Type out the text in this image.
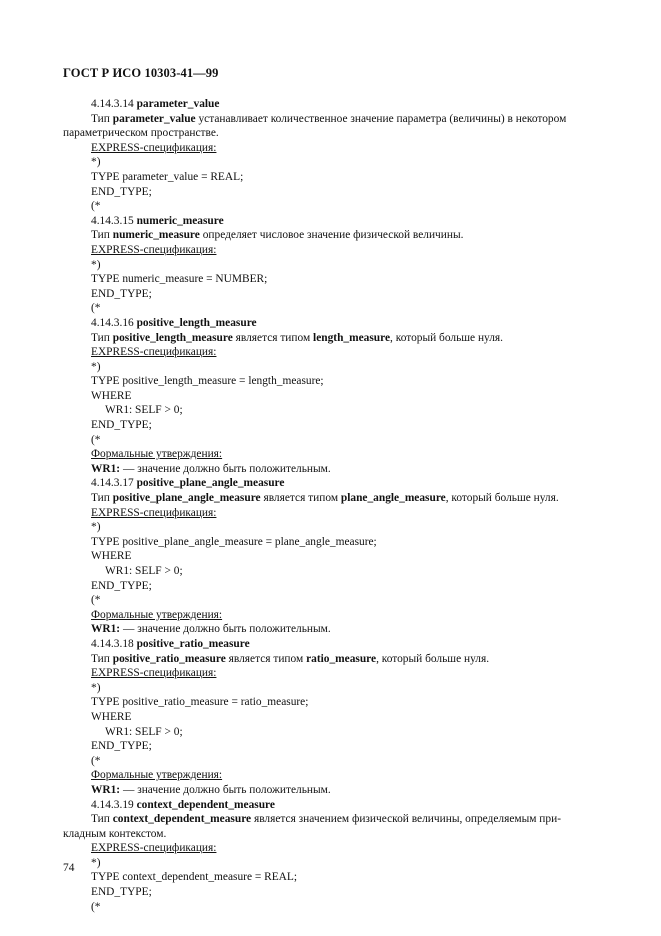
ГОСТ Р ИСО 10303-41—99
4.14.3.14 parameter_value
Тип parameter_value устанавливает количественное значение параметра (величины) в некотором
параметрическом пространстве.
EXPRESS-спецификация:
*)
TYPE parameter_value = REAL;
END_TYPE;
(*
4.14.3.15 numeric_measure
Тип numeric_measure определяет числовое значение физической величины.
EXPRESS-спецификация:
*)
TYPE numeric_measure = NUMBER;
END_TYPE;
(*
4.14.3.16 positive_length_measure
Тип positive_length_measure является типом length_measure, который больше нуля.
EXPRESS-спецификация:
*)
TYPE positive_length_measure = length_measure;
WHERE
WR1: SELF > 0;
END_TYPE;
(*
Формальные утверждения:
WR1: — значение должно быть положительным.
4.14.3.17 positive_plane_angle_measure
Тип positive_plane_angle_measure является типом plane_angle_measure, который больше нуля.
EXPRESS-спецификация:
*)
TYPE positive_plane_angle_measure = plane_angle_measure;
WHERE
WR1: SELF > 0;
END_TYPE;
(*
Формальные утверждения:
WR1: — значение должно быть положительным.
4.14.3.18 positive_ratio_measure
Тип positive_ratio_measure является типом ratio_measure, который больше нуля.
EXPRESS-спецификация:
*)
TYPE positive_ratio_measure = ratio_measure;
WHERE
WR1: SELF > 0;
END_TYPE;
(*
Формальные утверждения:
WR1: — значение должно быть положительным.
4.14.3.19 context_dependent_measure
Тип context_dependent_measure является значением физической величины, определяемым при-
кладным контекстом.
EXPRESS-спецификация:
*)
TYPE context_dependent_measure = REAL;
END_TYPE;
(*
74
